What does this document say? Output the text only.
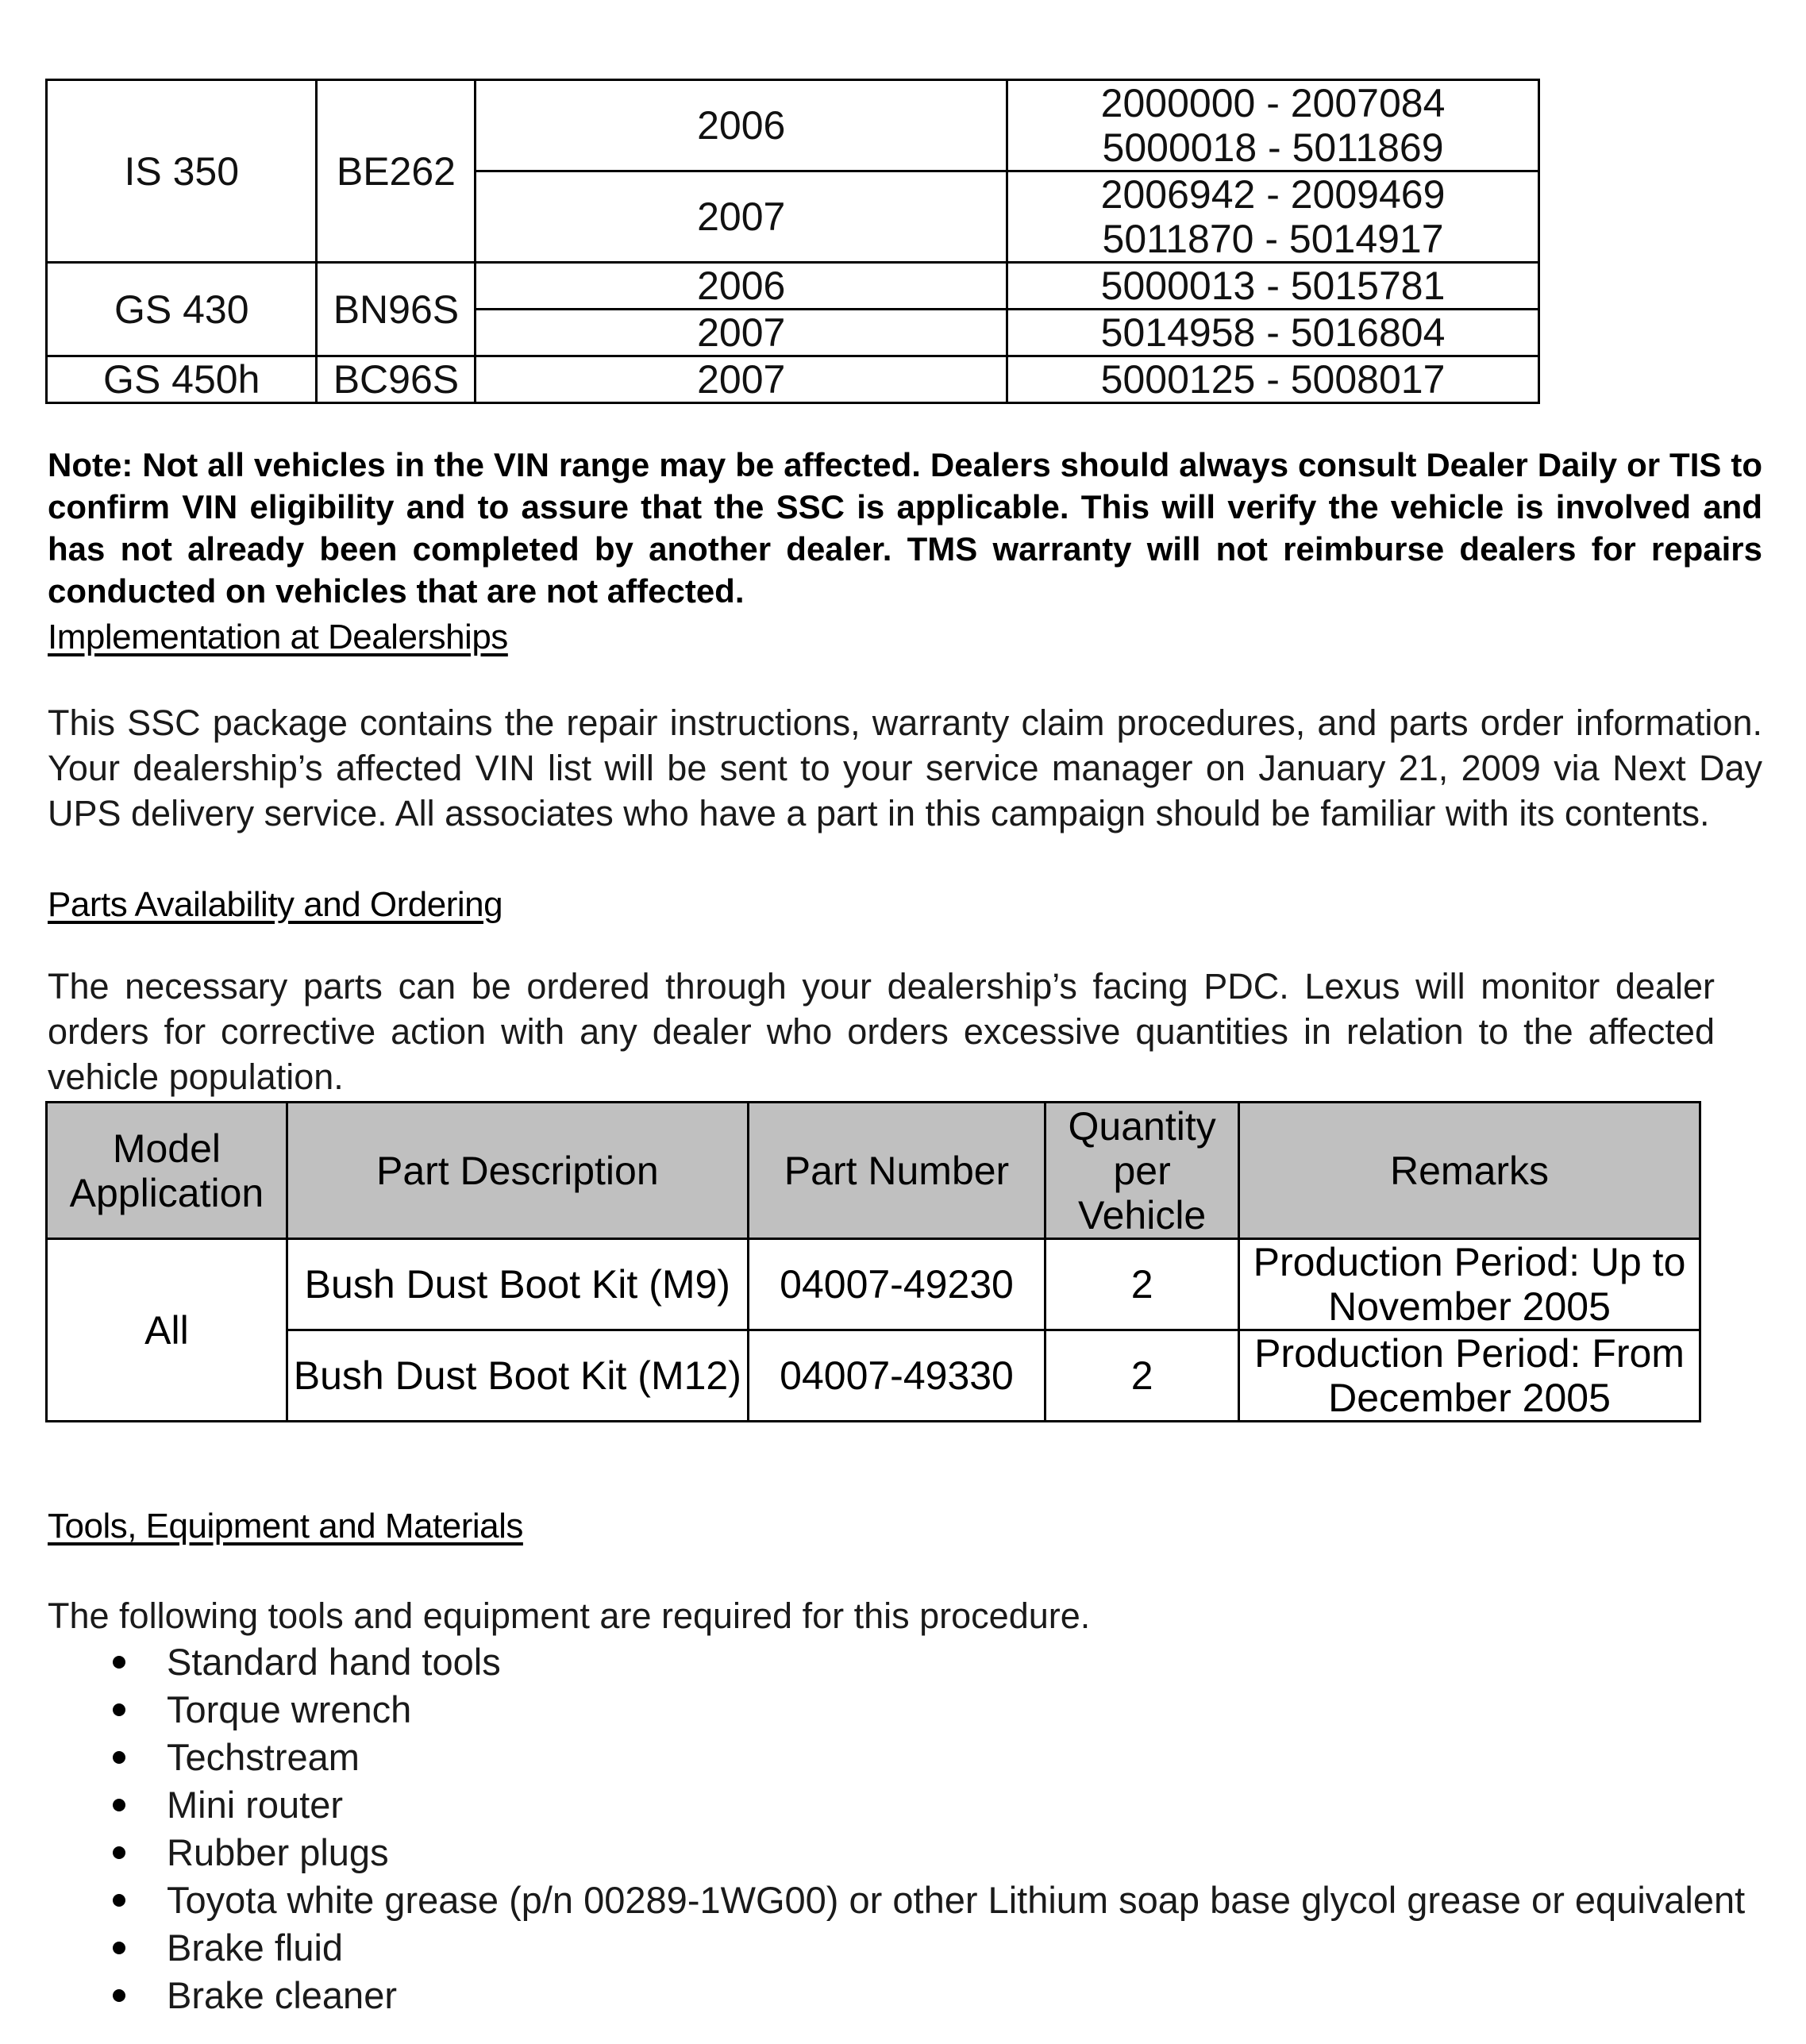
IS 350	BE262	2006	2000000 - 2007084
5000018 - 5011869

		2007	2006942 - 2009469
5011870 - 5014917

GS 430	BN96S	2006	5000013 - 5015781
		2007	5014958 - 5016804
GS 450h	BC96S	2007	5000125 - 5008017
Note: Not all vehicles in the VIN range may be affected. Dealers should always consult Dealer Daily or TIS to confirm VIN eligibility and to assure that the SSC is applicable. This will verify the vehicle is involved and has not already been completed by another dealer. TMS warranty will not reimburse dealers for repairs conducted on vehicles that are not affected.
Implementation at Dealerships
This SSC package contains the repair instructions, warranty claim procedures, and parts order information. Your dealership’s affected VIN list will be sent to your service manager on January 21, 2009 via Next Day UPS delivery service. All associates who have a part in this campaign should be familiar with its contents.
Parts Availability and Ordering
The necessary parts can be ordered through your dealership’s facing PDC. Lexus will monitor dealer orders for corrective action with any dealer who orders excessive quantities in relation to the affected vehicle population.
Model Application	Part Description	Part Number	Quantity per Vehicle	Remarks
All	Bush Dust Boot Kit (M9)	04007-49230	2	Production Period: Up to November 2005
	Bush Dust Boot Kit (M12)	04007-49330	2	Production Period: From December 2005
Tools, Equipment and Materials
The following tools and equipment are required for this procedure.
Standard hand tools
Torque wrench
Techstream
Mini router
Rubber plugs
Toyota white grease (p/n 00289-1WG00) or other Lithium soap base glycol grease or equivalent
Brake fluid
Brake cleaner
